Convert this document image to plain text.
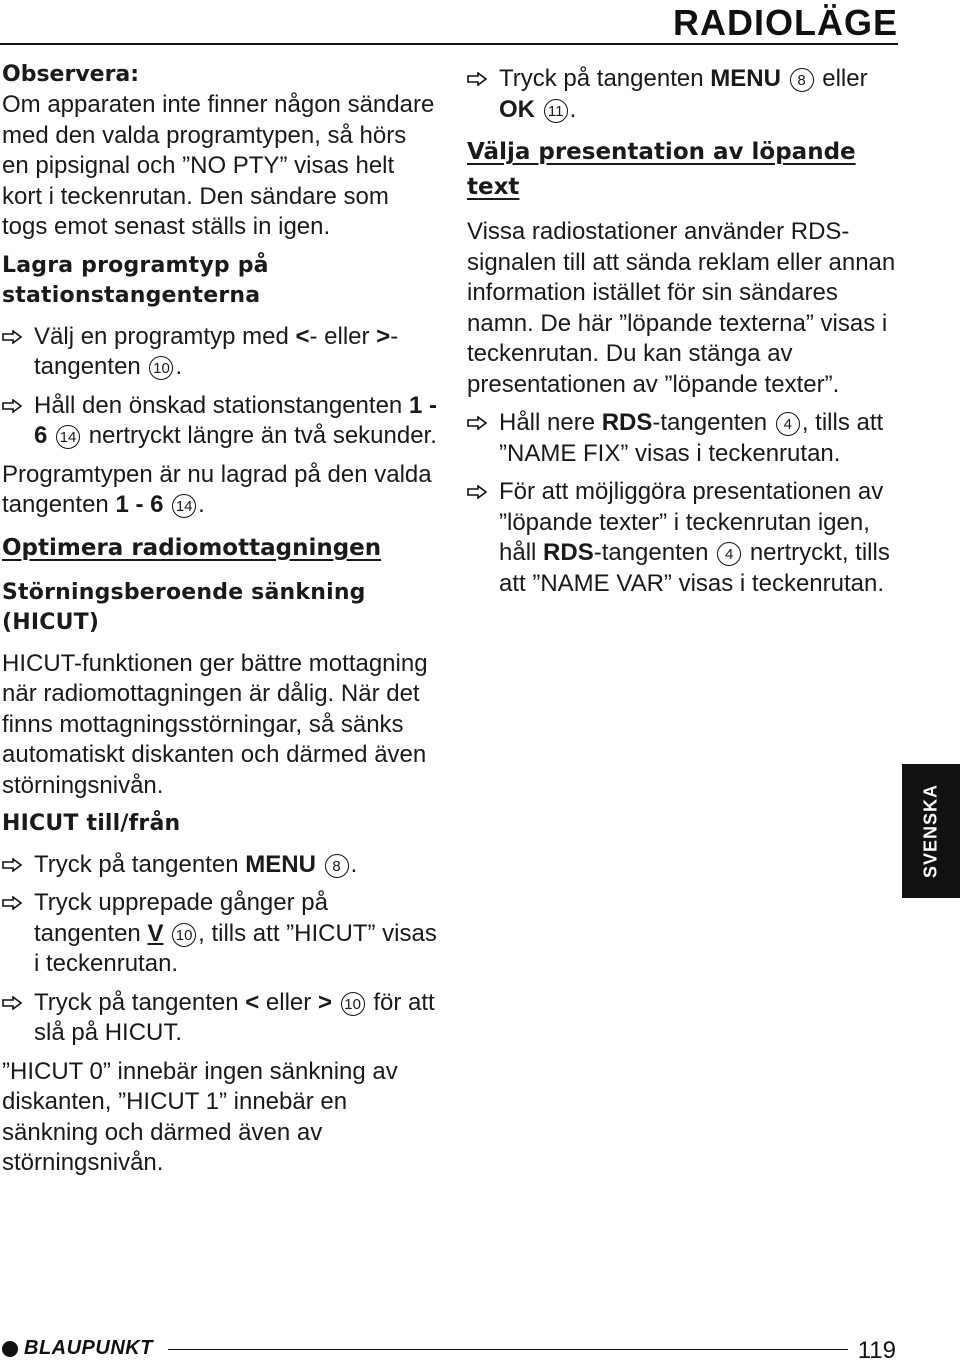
RADIOLÄGE
Observera:
Om apparaten inte finner någon sändare med den valda programtypen, så hörs en pipsignal och ”NO PTY” visas helt kort i teckenrutan. Den sändare som togs emot senast ställs in igen.
Lagra programtyp på stationstangenterna
Välj en programtyp med <- eller >-tangenten 10 .
Håll den önskad stationstangenten 1 - 6 14 nertryckt längre än två sekunder.
Programtypen är nu lagrad på den valda tangenten 1 - 6 14 .
Optimera radiomottagningen
Störningsberoende sänkning (HICUT)
HICUT-funktionen ger bättre mottagning när radiomottagningen är dålig. När det finns mottagningsstörningar, så sänks automatiskt diskanten och därmed även störningsnivån.
HICUT till/från
Tryck på tangenten MENU 8 .
Tryck upprepade gånger på tangenten V 10 , tills att ”HICUT” visas i teckenrutan.
Tryck på tangenten < eller > 10 för att slå på HICUT.
”HICUT 0” innebär ingen sänkning av diskanten, ”HICUT 1” innebär en sänkning och därmed även av störningsnivån.
Tryck på tangenten MENU 8 eller OK 11 .
Välja presentation av löpande text
Vissa radiostationer använder RDS-signalen till att sända reklam eller annan information istället för sin sändares namn. De här ”löpande texterna” visas i teckenrutan. Du kan stänga av presentationen av ”löpande texter”.
Håll nere RDS-tangenten 4 , tills att ”NAME FIX” visas i teckenrutan.
För att möjliggöra presentationen av ”löpande texter” i teckenrutan igen, håll RDS-tangenten 4 nertryckt, tills att ”NAME VAR” visas i teckenrutan.
SVENSKA
BLAUPUNKT	119
